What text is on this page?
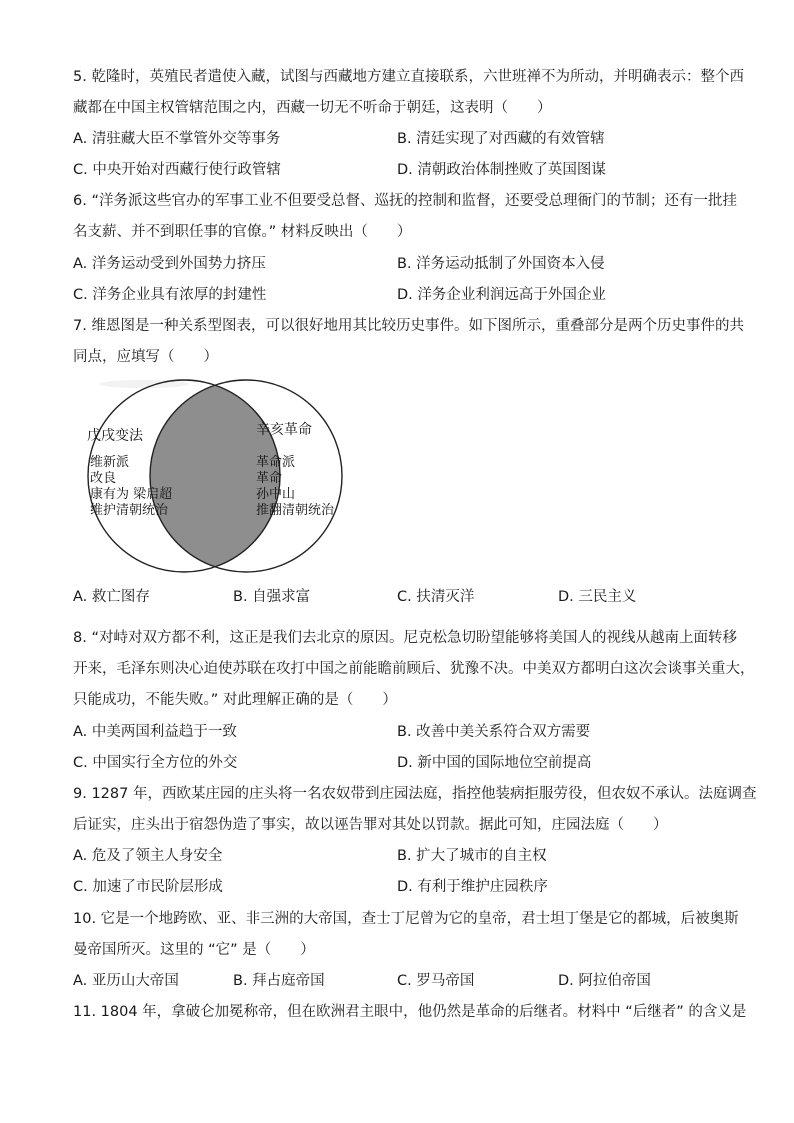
5. 乾隆时，英殖民者遣使入藏，试图与西藏地方建立直接联系，六世班禅不为所动，并明确表示：整个西
藏都在中国主权管辖范围之内，西藏一切无不听命于朝廷，这表明（　　）
A. 清驻藏大臣不掌管外交等事务	B. 清廷实现了对西藏的有效管辖
C. 中央开始对西藏行使行政管辖	D. 清朝政治体制挫败了英国图谋
6. “洋务派这些官办的军事工业不但要受总督、巡抚的控制和监督，还要受总理衙门的节制；还有一批挂
名支薪、并不到职任事的官僚。” 材料反映出（　　）
A. 洋务运动受到外国势力挤压	B. 洋务运动抵制了外国资本入侵
C. 洋务企业具有浓厚的封建性	D. 洋务企业利润远高于外国企业
7. 维恩图是一种关系型图表，可以很好地用其比较历史事件。如下图所示，重叠部分是两个历史事件的共
同点，应填写（　　）
戊戌变法
维新派
改良
康有为 梁启超
维护清朝统治
辛亥革命
革命派
革命
孙中山
推翻清朝统治
A. 救亡图存	B. 自强求富	C. 扶清灭洋	D. 三民主义
8. “对峙对双方都不利，这正是我们去北京的原因。尼克松急切盼望能够将美国人的视线从越南上面转移
开来，毛泽东则决心迫使苏联在攻打中国之前能瞻前顾后、犹豫不决。中美双方都明白这次会谈事关重大，
只能成功，不能失败。” 对此理解正确的是（　　）
A. 中美两国利益趋于一致	B. 改善中美关系符合双方需要
C. 中国实行全方位的外交	D. 新中国的国际地位空前提高
9. 1287 年，西欧某庄园的庄头将一名农奴带到庄园法庭，指控他装病拒服劳役，但农奴不承认。法庭调查
后证实，庄头出于宿怨伪造了事实，故以诬告罪对其处以罚款。据此可知，庄园法庭（　　）
A. 危及了领主人身安全	B. 扩大了城市的自主权
C. 加速了市民阶层形成	D. 有利于维护庄园秩序
10. 它是一个地跨欧、亚、非三洲的大帝国，查士丁尼曾为它的皇帝，君士坦丁堡是它的都城，后被奥斯
曼帝国所灭。这里的 “它” 是（　　）
A. 亚历山大帝国	B. 拜占庭帝国	C. 罗马帝国	D. 阿拉伯帝国
11. 1804 年，拿破仑加冕称帝，但在欧洲君主眼中，他仍然是革命的后继者。材料中 “后继者” 的含义是
